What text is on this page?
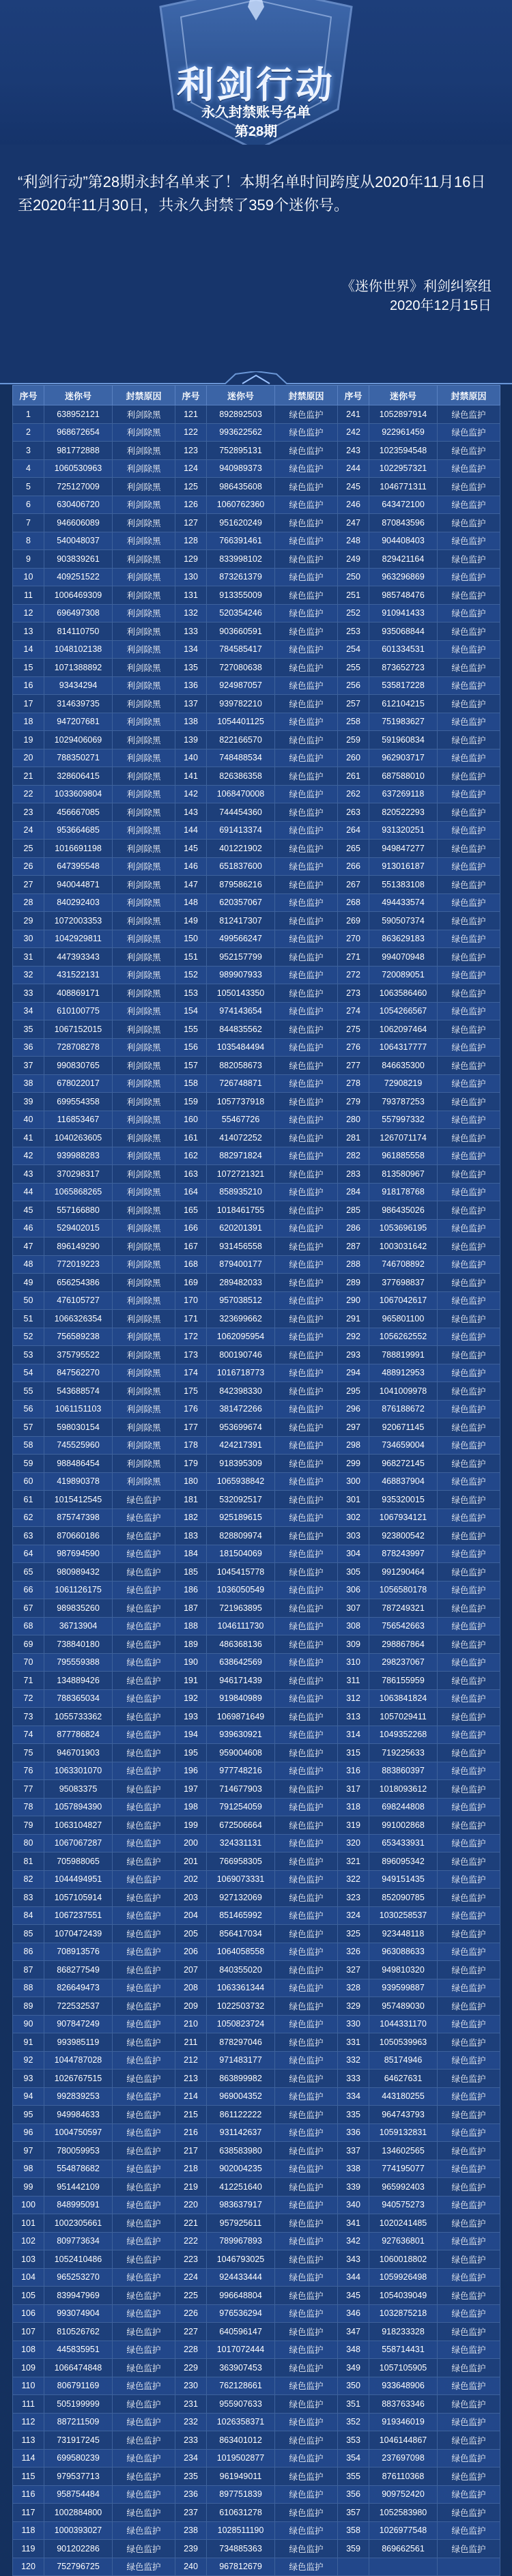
利剑行动
永久封禁账号名单
第28期

“利剑行动”第28期永封名单来了！本期名单时间跨度从2020年11月16日至2020年11月30日，共永久封禁了359个迷你号。

《迷你世界》利剑纠察组
2020年12月15日
序号	迷你号	封禁原因	序号	迷你号	封禁原因	序号	迷你号	封禁原因
1	638952121	利剑除黑	121	892892503	绿色监护	241	1052897914	绿色监护
2	968672654	利剑除黑	122	993622562	绿色监护	242	922961459	绿色监护
3	981772888	利剑除黑	123	752895131	绿色监护	243	1023594548	绿色监护
4	1060530963	利剑除黑	124	940989373	绿色监护	244	1022957321	绿色监护
5	725127009	利剑除黑	125	986435608	绿色监护	245	1046771311	绿色监护
6	630406720	利剑除黑	126	1060762360	绿色监护	246	643472100	绿色监护
7	946606089	利剑除黑	127	951620249	绿色监护	247	870843596	绿色监护
8	540048037	利剑除黑	128	766391461	绿色监护	248	904408403	绿色监护
9	903839261	利剑除黑	129	833998102	绿色监护	249	829421164	绿色监护
10	409251522	利剑除黑	130	873261379	绿色监护	250	963296869	绿色监护
11	1006469309	利剑除黑	131	913355009	绿色监护	251	985748476	绿色监护
12	696497308	利剑除黑	132	520354246	绿色监护	252	910941433	绿色监护
13	814110750	利剑除黑	133	903660591	绿色监护	253	935068844	绿色监护
14	1048102138	利剑除黑	134	784585417	绿色监护	254	601334531	绿色监护
15	1071388892	利剑除黑	135	727080638	绿色监护	255	873652723	绿色监护
16	93434294	利剑除黑	136	924987057	绿色监护	256	535817228	绿色监护
17	314639735	利剑除黑	137	939782210	绿色监护	257	612104215	绿色监护
18	947207681	利剑除黑	138	1054401125	绿色监护	258	751983627	绿色监护
19	1029406069	利剑除黑	139	822166570	绿色监护	259	591960834	绿色监护
20	788350271	利剑除黑	140	748488534	绿色监护	260	962903717	绿色监护
21	328606415	利剑除黑	141	826386358	绿色监护	261	687588010	绿色监护
22	1033609804	利剑除黑	142	1068470008	绿色监护	262	637269118	绿色监护
23	456667085	利剑除黑	143	744454360	绿色监护	263	820522293	绿色监护
24	953664685	利剑除黑	144	691413374	绿色监护	264	931320251	绿色监护
25	1016691198	利剑除黑	145	401221902	绿色监护	265	949847277	绿色监护
26	647395548	利剑除黑	146	651837600	绿色监护	266	913016187	绿色监护
27	940044871	利剑除黑	147	879586216	绿色监护	267	551383108	绿色监护
28	840292403	利剑除黑	148	620357067	绿色监护	268	494433574	绿色监护
29	1072003353	利剑除黑	149	812417307	绿色监护	269	590507374	绿色监护
30	1042929811	利剑除黑	150	499566247	绿色监护	270	863629183	绿色监护
31	447393343	利剑除黑	151	952157799	绿色监护	271	994070948	绿色监护
32	431522131	利剑除黑	152	989907933	绿色监护	272	720089051	绿色监护
33	408869171	利剑除黑	153	1050143350	绿色监护	273	1063586460	绿色监护
34	610100775	利剑除黑	154	974143654	绿色监护	274	1054266567	绿色监护
35	1067152015	利剑除黑	155	844835562	绿色监护	275	1062097464	绿色监护
36	728708278	利剑除黑	156	1035484494	绿色监护	276	1064317777	绿色监护
37	990830765	利剑除黑	157	882058673	绿色监护	277	846635300	绿色监护
38	678022017	利剑除黑	158	726748871	绿色监护	278	72908219	绿色监护
39	699554358	利剑除黑	159	1057737918	绿色监护	279	793787253	绿色监护
40	116853467	利剑除黑	160	55467726	绿色监护	280	557997332	绿色监护
41	1040263605	利剑除黑	161	414072252	绿色监护	281	1267071174	绿色监护
42	939988283	利剑除黑	162	882971824	绿色监护	282	961885558	绿色监护
43	370298317	利剑除黑	163	1072721321	绿色监护	283	813580967	绿色监护
44	1065868265	利剑除黑	164	858935210	绿色监护	284	918178768	绿色监护
45	557166880	利剑除黑	165	1018461755	绿色监护	285	986435026	绿色监护
46	529402015	利剑除黑	166	620201391	绿色监护	286	1053696195	绿色监护
47	896149290	利剑除黑	167	931456558	绿色监护	287	1003031642	绿色监护
48	772019223	利剑除黑	168	879400177	绿色监护	288	746708892	绿色监护
49	656254386	利剑除黑	169	289482033	绿色监护	289	377698837	绿色监护
50	476105727	利剑除黑	170	957038512	绿色监护	290	1067042617	绿色监护
51	1066326354	利剑除黑	171	323699662	绿色监护	291	965801100	绿色监护
52	756589238	利剑除黑	172	1062095954	绿色监护	292	1056262552	绿色监护
53	375795522	利剑除黑	173	800190746	绿色监护	293	788819991	绿色监护
54	847562270	利剑除黑	174	1016718773	绿色监护	294	488912953	绿色监护
55	543688574	利剑除黑	175	842398330	绿色监护	295	1041009978	绿色监护
56	1061151103	利剑除黑	176	381472266	绿色监护	296	876188672	绿色监护
57	598030154	利剑除黑	177	953699674	绿色监护	297	920671145	绿色监护
58	745525960	利剑除黑	178	424217391	绿色监护	298	734659004	绿色监护
59	988486454	利剑除黑	179	918395309	绿色监护	299	968272145	绿色监护
60	419890378	利剑除黑	180	1065938842	绿色监护	300	468837904	绿色监护
61	1015412545	绿色监护	181	532092517	绿色监护	301	935320015	绿色监护
62	875747398	绿色监护	182	925189615	绿色监护	302	1067934121	绿色监护
63	870660186	绿色监护	183	828809974	绿色监护	303	923800542	绿色监护
64	987694590	绿色监护	184	181504069	绿色监护	304	878243997	绿色监护
65	980989432	绿色监护	185	1045415778	绿色监护	305	991290464	绿色监护
66	1061126175	绿色监护	186	1036050549	绿色监护	306	1056580178	绿色监护
67	989835260	绿色监护	187	721963895	绿色监护	307	787249321	绿色监护
68	36713904	绿色监护	188	1046111730	绿色监护	308	756542663	绿色监护
69	738840180	绿色监护	189	486368136	绿色监护	309	298867864	绿色监护
70	795559388	绿色监护	190	638642569	绿色监护	310	298237067	绿色监护
71	134889426	绿色监护	191	946171439	绿色监护	311	786155959	绿色监护
72	788365034	绿色监护	192	919840989	绿色监护	312	1063841824	绿色监护
73	1055733362	绿色监护	193	1069871649	绿色监护	313	1057029411	绿色监护
74	877786824	绿色监护	194	939630921	绿色监护	314	1049352268	绿色监护
75	946701903	绿色监护	195	959004608	绿色监护	315	719225633	绿色监护
76	1063301070	绿色监护	196	977748216	绿色监护	316	883860397	绿色监护
77	95083375	绿色监护	197	714677903	绿色监护	317	1018093612	绿色监护
78	1057894390	绿色监护	198	791254059	绿色监护	318	698244808	绿色监护
79	1063104827	绿色监护	199	672506664	绿色监护	319	991002868	绿色监护
80	1067067287	绿色监护	200	324331131	绿色监护	320	653433931	绿色监护
81	705988065	绿色监护	201	766958305	绿色监护	321	896095342	绿色监护
82	1044494951	绿色监护	202	1069073331	绿色监护	322	949151435	绿色监护
83	1057105914	绿色监护	203	927132069	绿色监护	323	852090785	绿色监护
84	1067237551	绿色监护	204	851465992	绿色监护	324	1030258537	绿色监护
85	1070472439	绿色监护	205	856417034	绿色监护	325	923448118	绿色监护
86	708913576	绿色监护	206	1064058558	绿色监护	326	963088633	绿色监护
87	868277549	绿色监护	207	840355020	绿色监护	327	949810320	绿色监护
88	826649473	绿色监护	208	1063361344	绿色监护	328	939599887	绿色监护
89	722532537	绿色监护	209	1022503732	绿色监护	329	957489030	绿色监护
90	907847249	绿色监护	210	1050823724	绿色监护	330	1044331170	绿色监护
91	993985119	绿色监护	211	878297046	绿色监护	331	1050539963	绿色监护
92	1044787028	绿色监护	212	971483177	绿色监护	332	85174946	绿色监护
93	1026767515	绿色监护	213	863899982	绿色监护	333	64627631	绿色监护
94	992839253	绿色监护	214	969004352	绿色监护	334	443180255	绿色监护
95	949984633	绿色监护	215	861122222	绿色监护	335	964743793	绿色监护
96	1004750597	绿色监护	216	931142637	绿色监护	336	1059132831	绿色监护
97	780059953	绿色监护	217	638583980	绿色监护	337	134602565	绿色监护
98	554878682	绿色监护	218	902004235	绿色监护	338	774195077	绿色监护
99	951442109	绿色监护	219	412251640	绿色监护	339	965992403	绿色监护
100	848995091	绿色监护	220	983637917	绿色监护	340	940575273	绿色监护
101	1002305661	绿色监护	221	957925611	绿色监护	341	1020241485	绿色监护
102	809773634	绿色监护	222	789967893	绿色监护	342	927636801	绿色监护
103	1052410486	绿色监护	223	1046793025	绿色监护	343	1060018802	绿色监护
104	965253270	绿色监护	224	924433444	绿色监护	344	1059926498	绿色监护
105	839947969	绿色监护	225	996648804	绿色监护	345	1054039049	绿色监护
106	993074904	绿色监护	226	976536294	绿色监护	346	1032875218	绿色监护
107	810526762	绿色监护	227	640596147	绿色监护	347	918233328	绿色监护
108	445835951	绿色监护	228	1017072444	绿色监护	348	558714431	绿色监护
109	1066474848	绿色监护	229	363907453	绿色监护	349	1057105905	绿色监护
110	806791169	绿色监护	230	762128661	绿色监护	350	933648906	绿色监护
111	505199999	绿色监护	231	955907633	绿色监护	351	883763346	绿色监护
112	887211509	绿色监护	232	1026358371	绿色监护	352	919346019	绿色监护
113	731917245	绿色监护	233	863401012	绿色监护	353	1046144867	绿色监护
114	699580239	绿色监护	234	1019502877	绿色监护	354	237697098	绿色监护
115	979537713	绿色监护	235	961949011	绿色监护	355	876110368	绿色监护
116	958754484	绿色监护	236	897751839	绿色监护	356	909752420	绿色监护
117	1002884800	绿色监护	237	610631278	绿色监护	357	1052583980	绿色监护
118	1000393027	绿色监护	238	1028511190	绿色监护	358	1026977548	绿色监护
119	901202286	绿色监护	239	734885363	绿色监护	359	869662561	绿色监护
120	752796725	绿色监护	240	967812679	绿色监护			
